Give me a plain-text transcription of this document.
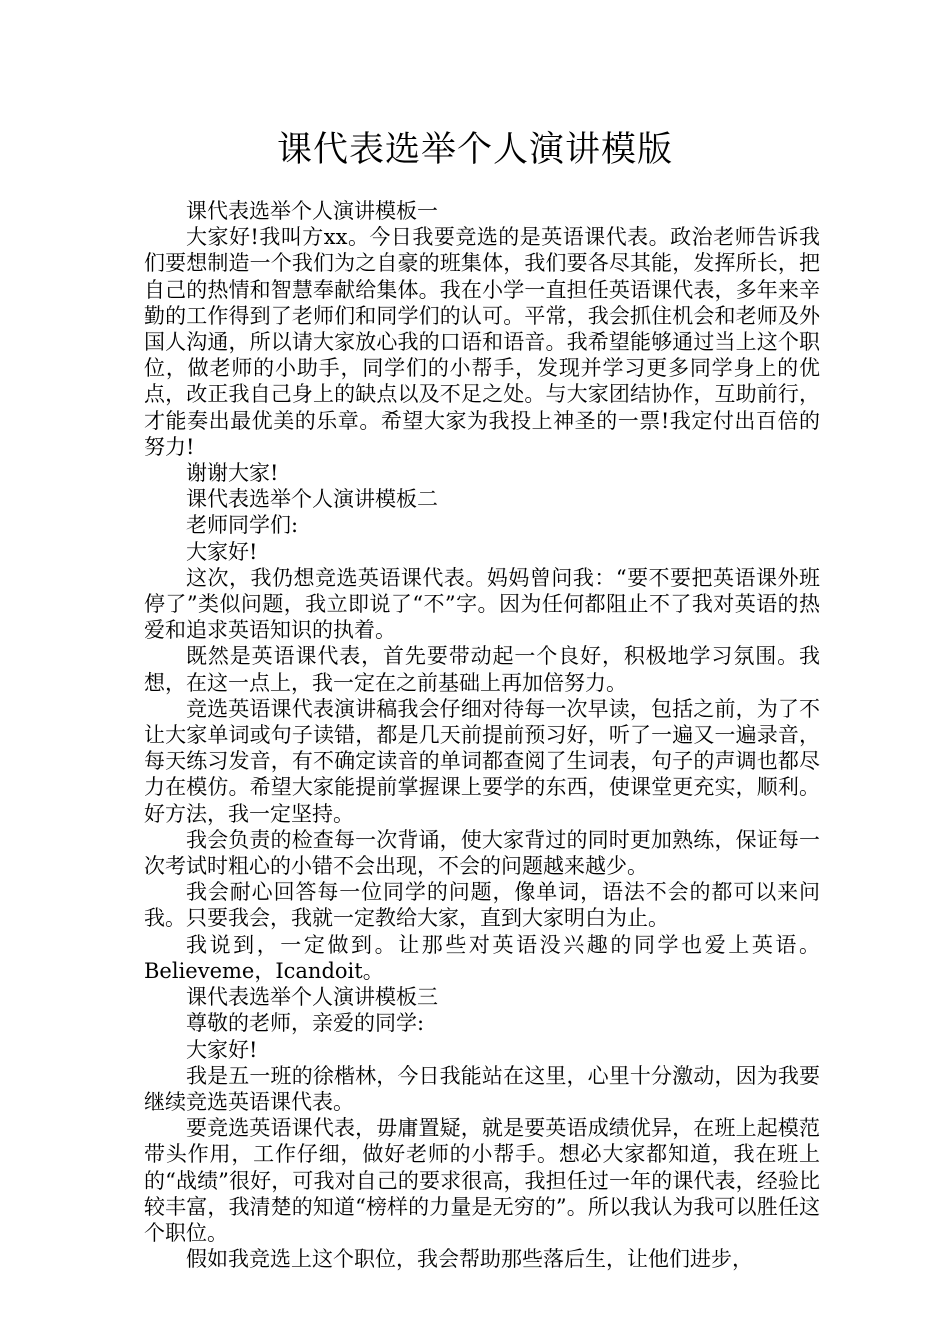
课代表选举个人演讲模版

课代表选举个人演讲模板一

大家好!我叫方xx。今日我要竞选的是英语课代表。政治老师告诉我们要想制造一个我们为之自豪的班集体，我们要各尽其能，发挥所长，把自己的热情和智慧奉献给集体。我在小学一直担任英语课代表，多年来辛勤的工作得到了老师们和同学们的认可。平常，我会抓住机会和老师及外国人沟通，所以请大家放心我的口语和语音。我希望能够通过当上这个职位，做老师的小助手，同学们的小帮手，发现并学习更多同学身上的优点，改正我自己身上的缺点以及不足之处。与大家团结协作，互助前行，才能奏出最优美的乐章。希望大家为我投上神圣的一票!我定付出百倍的努力!

谢谢大家!

课代表选举个人演讲模板二

老师同学们:

大家好!

这次，我仍想竞选英语课代表。妈妈曾问我：“要不要把英语课外班停了”类似问题，我立即说了“不”字。因为任何都阻止不了我对英语的热爱和追求英语知识的执着。

既然是英语课代表，首先要带动起一个良好，积极地学习氛围。我想，在这一点上，我一定在之前基础上再加倍努力。

竞选英语课代表演讲稿我会仔细对待每一次早读，包括之前，为了不让大家单词或句子读错，都是几天前提前预习好，听了一遍又一遍录音，每天练习发音，有不确定读音的单词都查阅了生词表，句子的声调也都尽力在模仿。希望大家能提前掌握课上要学的东西，使课堂更充实，顺利。好方法，我一定坚持。

我会负责的检查每一次背诵，使大家背过的同时更加熟练，保证每一次考试时粗心的小错不会出现，不会的问题越来越少。

我会耐心回答每一位同学的问题，像单词，语法不会的都可以来问我。只要我会，我就一定教给大家，直到大家明白为止。

我说到，一定做到。让那些对英语没兴趣的同学也爱上英语。Believeme，Icandoit。

课代表选举个人演讲模板三

尊敬的老师，亲爱的同学:

大家好!

我是五一班的徐楷林，今日我能站在这里，心里十分激动，因为我要继续竞选英语课代表。

要竞选英语课代表，毋庸置疑，就是要英语成绩优异，在班上起模范带头作用，工作仔细，做好老师的小帮手。想必大家都知道，我在班上的“战绩”很好，可我对自己的要求很高，我担任过一年的课代表，经验比较丰富，我清楚的知道“榜样的力量是无穷的”。所以我认为我可以胜任这个职位。

假如我竞选上这个职位，我会帮助那些落后生，让他们进步，
